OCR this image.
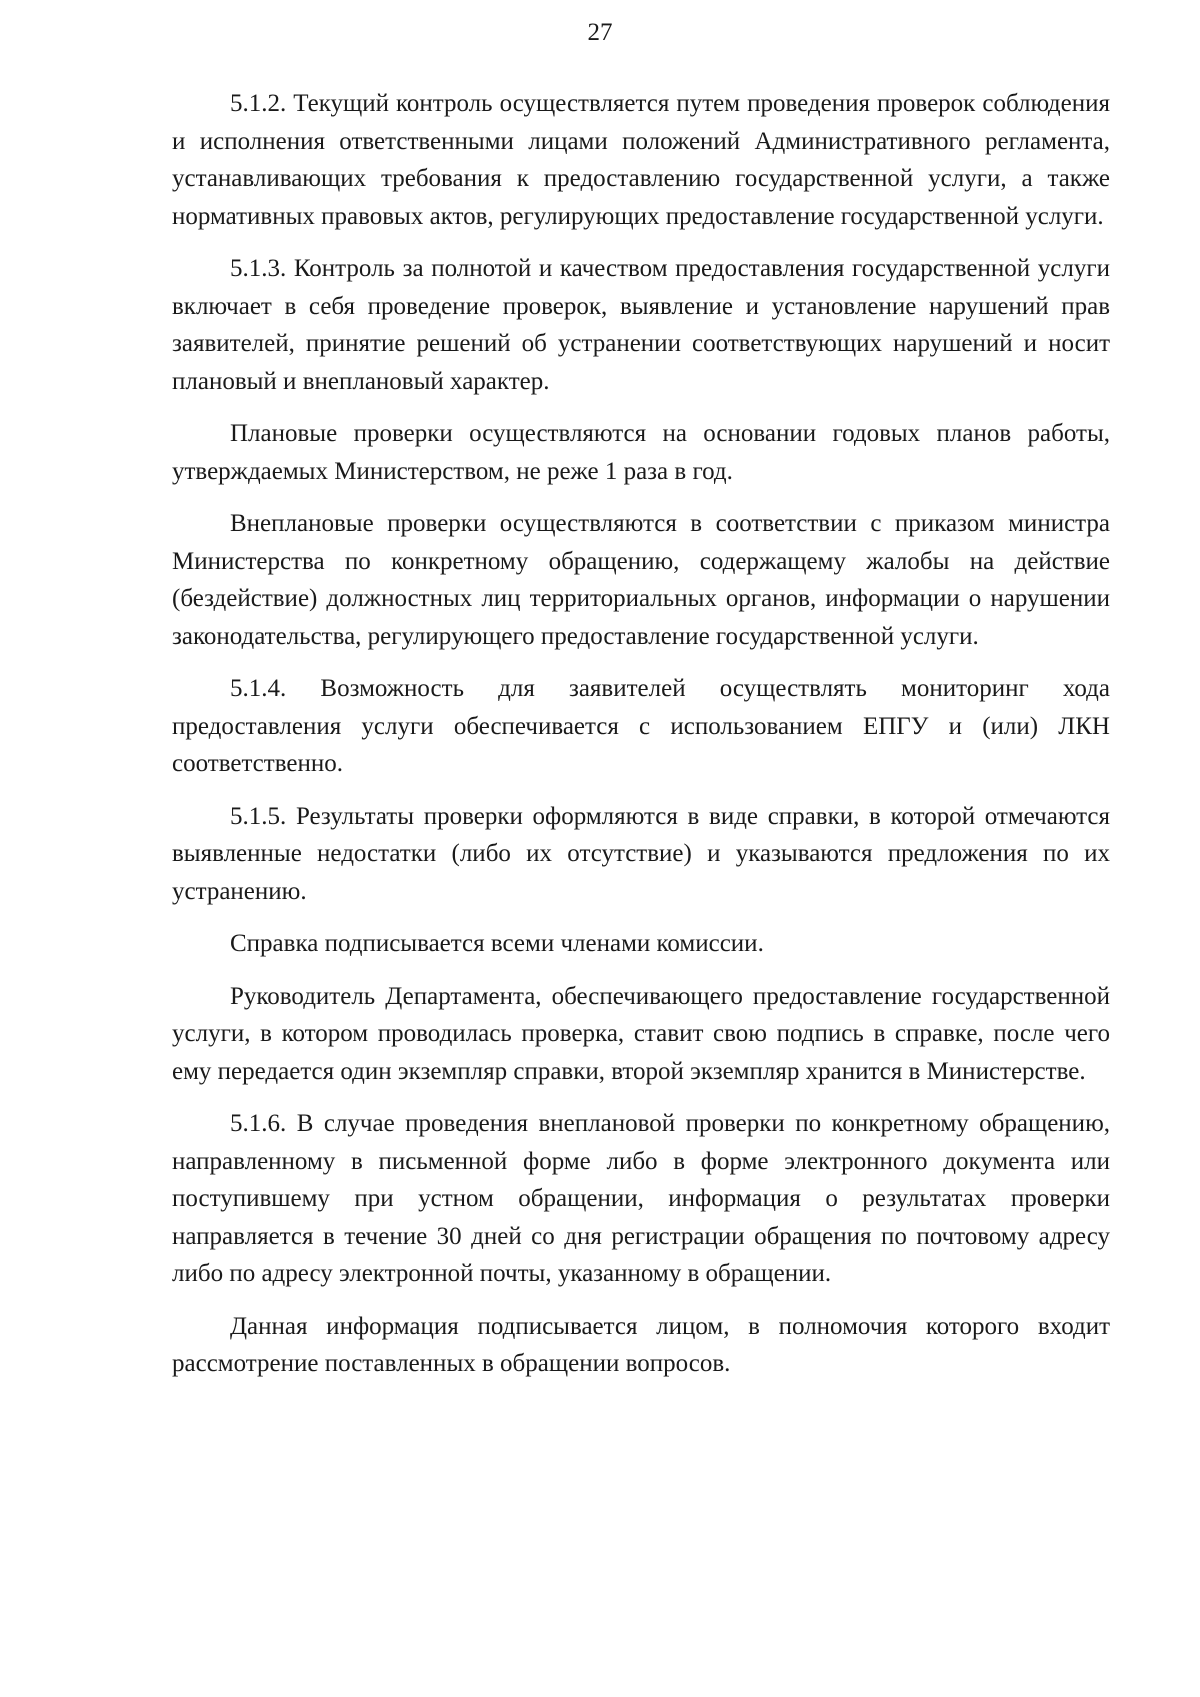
27

5.1.2. Текущий контроль осуществляется путем проведения проверок соблюдения и исполнения ответственными лицами положений Административного регламента, устанавливающих требования к предоставлению государственной услуги, а также нормативных правовых актов, регулирующих предоставление государственной услуги.

5.1.3. Контроль за полнотой и качеством предоставления государственной услуги включает в себя проведение проверок, выявление и установление нарушений прав заявителей, принятие решений об устранении соответствующих нарушений и носит плановый и внеплановый характер.

Плановые проверки осуществляются на основании годовых планов работы, утверждаемых Министерством, не реже 1 раза в год.

Внеплановые проверки осуществляются в соответствии с приказом министра Министерства по конкретному обращению, содержащему жалобы на действие (бездействие) должностных лиц территориальных органов, информации о нарушении законодательства, регулирующего предоставление государственной услуги.

5.1.4. Возможность для заявителей осуществлять мониторинг хода предоставления услуги обеспечивается с использованием ЕПГУ и (или) ЛКН соответственно.

5.1.5. Результаты проверки оформляются в виде справки, в которой отмечаются выявленные недостатки (либо их отсутствие) и указываются предложения по их устранению.

Справка подписывается всеми членами комиссии.

Руководитель Департамента, обеспечивающего предоставление государственной услуги, в котором проводилась проверка, ставит свою подпись в справке, после чего ему передается один экземпляр справки, второй экземпляр хранится в Министерстве.

5.1.6. В случае проведения внеплановой проверки по конкретному обращению, направленному в письменной форме либо в форме электронного документа или поступившему при устном обращении, информация о результатах проверки направляется в течение 30 дней со дня регистрации обращения по почтовому адресу либо по адресу электронной почты, указанному в обращении.

Данная информация подписывается лицом, в полномочия которого входит рассмотрение поставленных в обращении вопросов.
